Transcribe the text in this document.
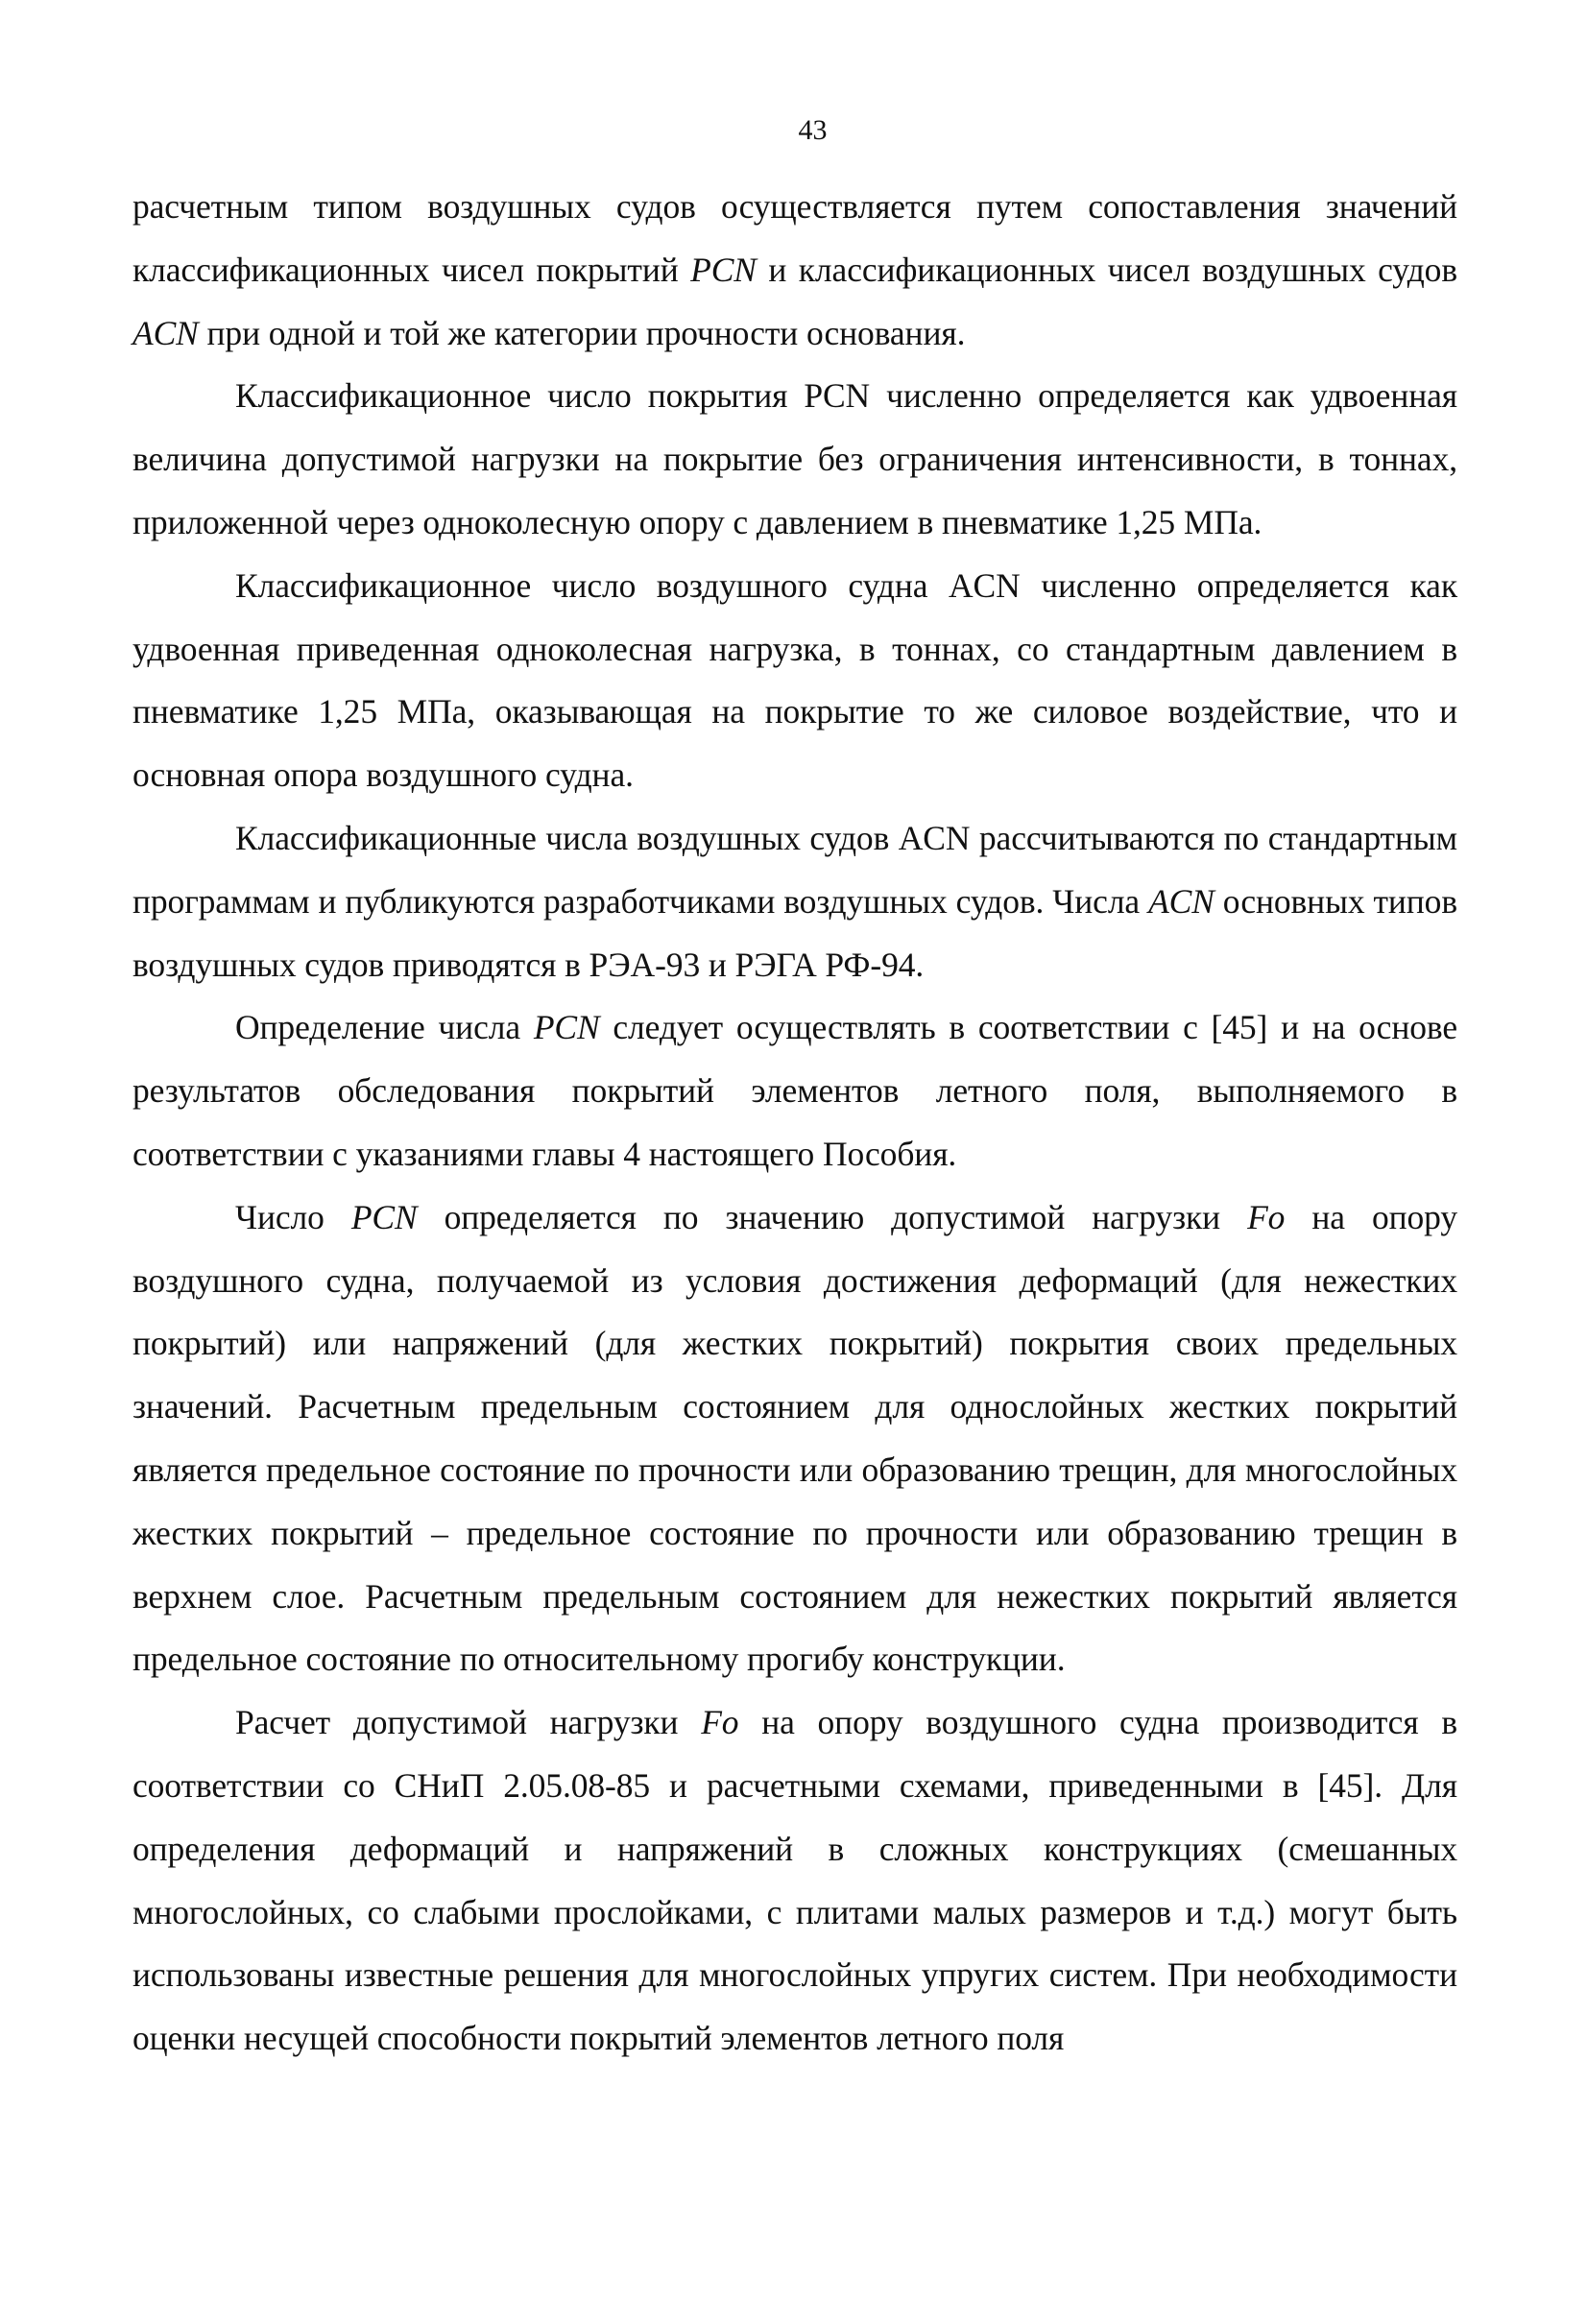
43

расчетным типом воздушных судов осуществляется путем сопоставления значений классификационных чисел покрытий PCN и классификационных чисел воздушных судов ACN при одной и той же категории прочности основания.

Классификационное число покрытия PCN численно определяется как удвоенная величина допустимой нагрузки на покрытие без ограничения интенсивности, в тоннах, приложенной через одноколесную опору с давлением в пневматике 1,25 МПа.

Классификационное число воздушного судна ACN численно определяется как удвоенная приведенная одноколесная нагрузка, в тоннах, со стандартным давлением в пневматике 1,25 МПа, оказывающая на покрытие то же силовое воздействие, что и основная опора воздушного судна.

Классификационные числа воздушных судов ACN рассчитываются по стандартным программам и публикуются разработчиками воздушных судов. Числа ACN основных типов воздушных судов приводятся в РЭА-93 и РЭГА РФ-94.

Определение числа PCN следует осуществлять в соответствии с [45] и на основе результатов обследования покрытий элементов летного поля, выполняемого в соответствии с указаниями главы 4 настоящего Пособия.

Число PCN определяется по значению допустимой нагрузки Fo на опору воздушного судна, получаемой из условия достижения деформаций (для нежестких покрытий) или напряжений (для жестких покрытий) покрытия своих предельных значений. Расчетным предельным состоянием для однослойных жестких покрытий является предельное состояние по прочности или образованию трещин, для многослойных жестких покрытий – предельное состояние по прочности или образованию трещин в верхнем слое. Расчетным предельным состоянием для нежестких покрытий является предельное состояние по относительному прогибу конструкции.

Расчет допустимой нагрузки Fo на опору воздушного судна производится в соответствии со СНиП 2.05.08-85 и расчетными схемами, приведенными в [45]. Для определения деформаций и напряжений в сложных конструкциях (смешанных многослойных, со слабыми прослойками, с плитами малых размеров и т.д.) могут быть использованы известные решения для многослойных упругих систем. При необходимости оценки несущей способности покрытий элементов летного поля
